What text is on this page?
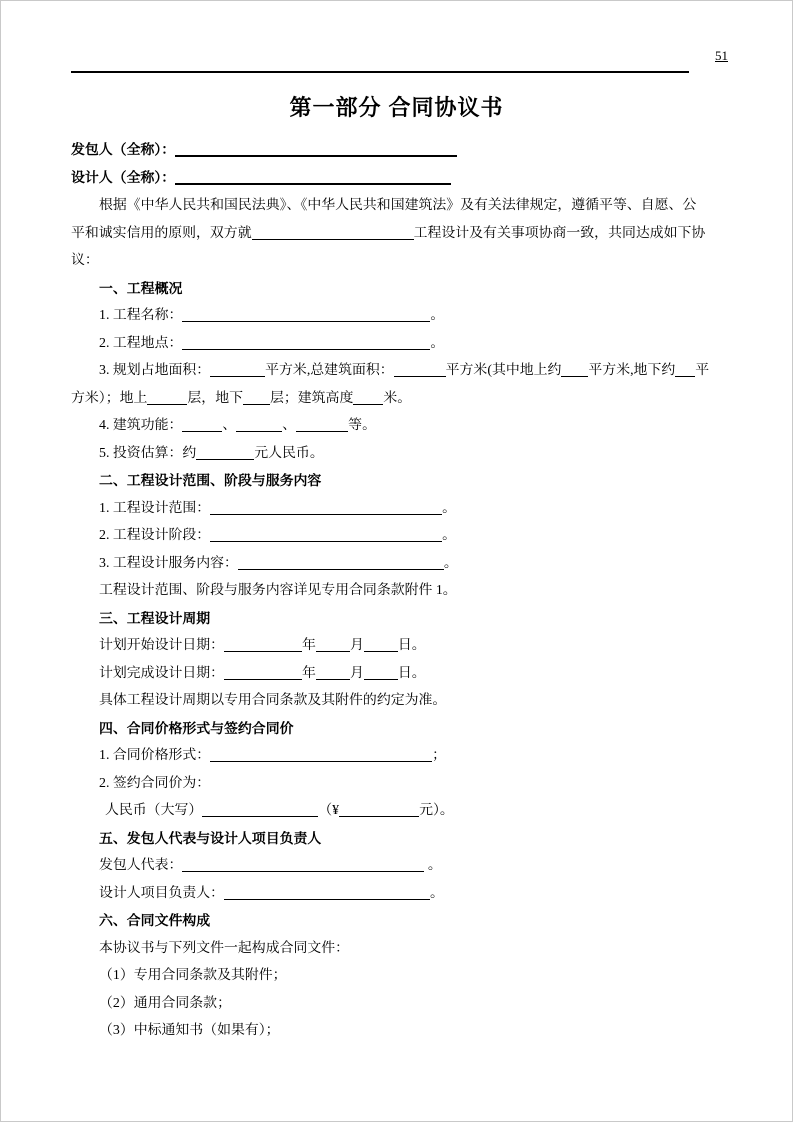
51
第一部分 合同协议书
发包人（全称）：
设计人（全称）：
根据《中华人民共和国民法典》、《中华人民共和国建筑法》及有关法律规定，遵循平等、自愿、公
平和诚实信用的原则，双方就	工程设计及有关事项协商一致，共同达成如下协
议：
一、工程概况
1. 工程名称：	。
2. 工程地点：	。
3. 规划占地面积：	平方米,总建筑面积：	平方米(其中地上约 平方米,地下约 平
方米）；地上	层，地下 层；建筑高度 米。
4. 建筑功能：	、	、	等。
5. 投资估算：约	元人民币。
二、工程设计范围、阶段与服务内容
1. 工程设计范围：	。
2. 工程设计阶段：	。
3. 工程设计服务内容：	。
工程设计范围、阶段与服务内容详见专用合同条款附件 1。
三、工程设计周期
计划开始设计日期：	年 月 日。
计划完成设计日期：	年 月 日。
具体工程设计周期以专用合同条款及其附件的约定为准。
四、合同价格形式与签约合同价
1. 合同价格形式：	；
2. 签约合同价为：
人民币（大写）	（¥	元）。
五、发包人代表与设计人项目负责人
发包人代表：	。
设计人项目负责人：	。
六、合同文件构成
本协议书与下列文件一起构成合同文件：
（1）专用合同条款及其附件；
（2）通用合同条款；
（3）中标通知书（如果有）；
